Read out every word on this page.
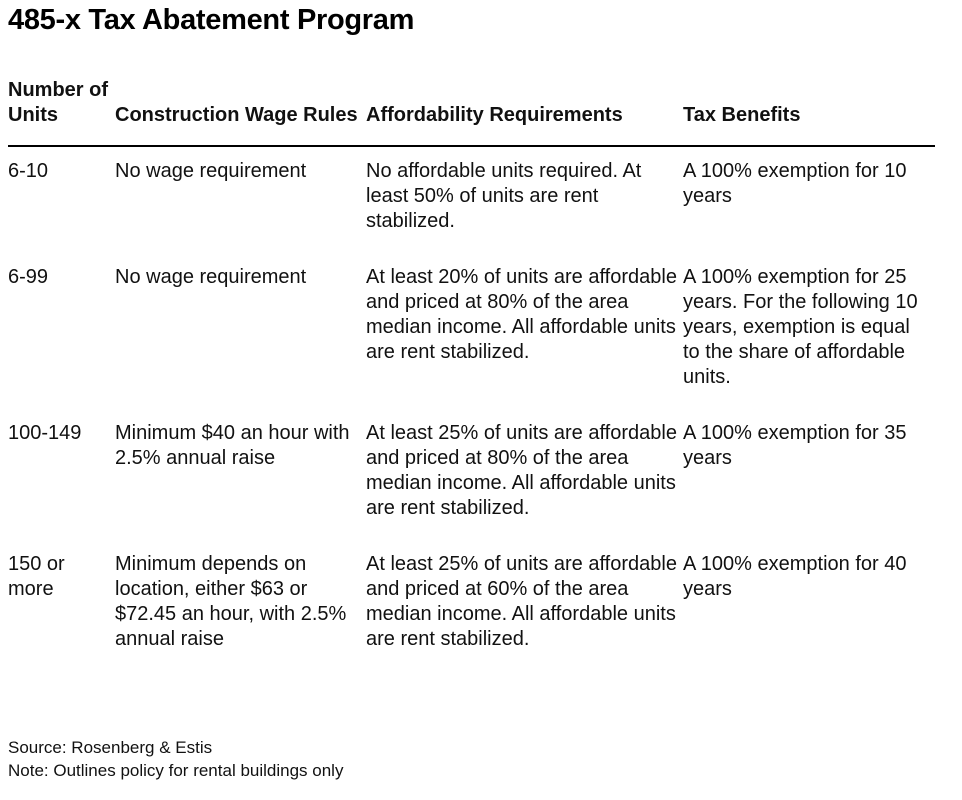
485-x Tax Abatement Program
Number of Units	Construction Wage Rules	Affordability Requirements	Tax Benefits
6-10	No wage requirement	No affordable units required. At least 50% of units are rent stabilized.	A 100% exemption for 10 years
6-99	No wage requirement	At least 20% of units are affordable and priced at 80% of the area median income. All affordable units are rent stabilized.	A 100% exemption for 25 years. For the following 10 years, exemption is equal to the share of affordable units.
100-149	Minimum $40 an hour with 2.5% annual raise	At least 25% of units are affordable and priced at 80% of the area median income. All affordable units are rent stabilized.	A 100% exemption for 35 years
150 or more	Minimum depends on location, either $63 or $72.45 an hour, with 2.5% annual raise	At least 25% of units are affordable and priced at 60% of the area median income. All affordable units are rent stabilized.	A 100% exemption for 40 years
Source: Rosenberg & Estis
Note: Outlines policy for rental buildings only
